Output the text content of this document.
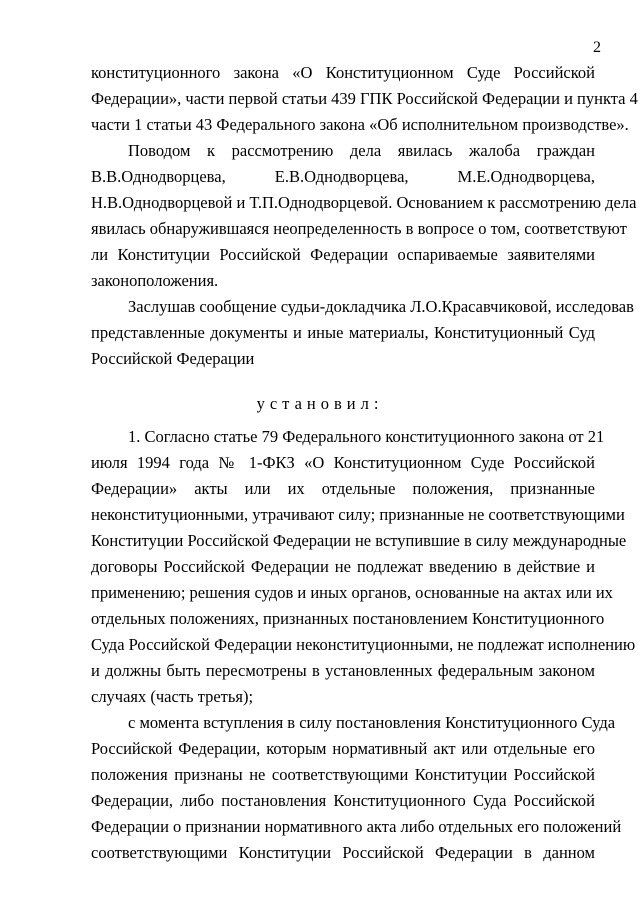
2
конституционного закона «О Конституционном Суде Российской
Федерации», части первой статьи 439 ГПК Российской Федерации и пункта 4
части 1 статьи 43 Федерального закона «Об исполнительном производстве».
Поводом к рассмотрению дела явилась жалоба граждан
В.В.Однодворцева, Е.В.Однодворцева, М.Е.Однодворцева,
Н.В.Однодворцевой и Т.П.Однодворцевой. Основанием к рассмотрению дела
явилась обнаружившаяся неопределенность в вопросе о том, соответствуют
ли Конституции Российской Федерации оспариваемые заявителями
законоположения.
Заслушав сообщение судьи-докладчика Л.О.Красавчиковой, исследовав
представленные документы и иные материалы, Конституционный Суд
Российской Федерации
установил:
1. Согласно статье 79 Федерального конституционного закона от 21
июля 1994 года № 1-ФКЗ «О Конституционном Суде Российской
Федерации» акты или их отдельные положения, признанные
неконституционными, утрачивают силу; признанные не соответствующими
Конституции Российской Федерации не вступившие в силу международные
договоры Российской Федерации не подлежат введению в действие и
применению; решения судов и иных органов, основанные на актах или их
отдельных положениях, признанных постановлением Конституционного
Суда Российской Федерации неконституционными, не подлежат исполнению
и должны быть пересмотрены в установленных федеральным законом
случаях (часть третья);
с момента вступления в силу постановления Конституционного Суда
Российской Федерации, которым нормативный акт или отдельные его
положения признаны не соответствующими Конституции Российской
Федерации, либо постановления Конституционного Суда Российской
Федерации о признании нормативного акта либо отдельных его положений
соответствующими Конституции Российской Федерации в данном
